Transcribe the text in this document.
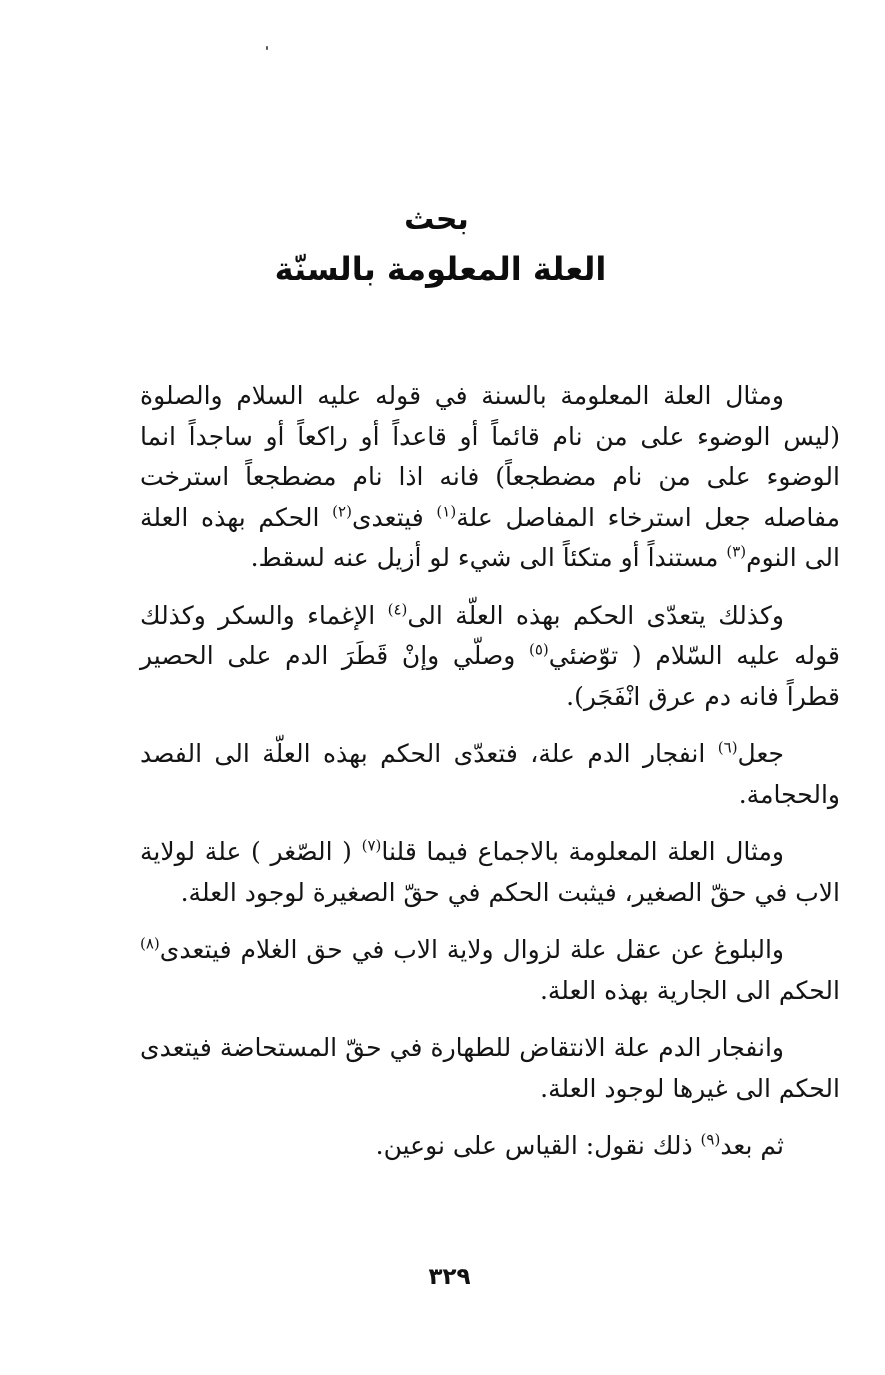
بحث
العلة المعلومة بالسنّة

ومثال العلة المعلومة بالسنة في قوله عليه السلام والصلوة (ليس الوضوء على من نام قائماً أو قاعداً أو راكعاً أو ساجداً انما الوضوء على من نام مضطجعاً) فانه اذا نام مضطجعاً استرخت مفاصله جعل استرخاء المفاصل علة$^{(١)}$ فيتعدى$^{(٢)}$ الحكم بهذه العلة الى النوم$^{(٣)}$ مستنداً أو متكئاً الى شيء لو أزيل عنه لسقط.

وكذلك يتعدّى الحكم بهذه العلّة الى$^{(٤)}$ الإغماء والسكر وكذلك قوله عليه السّلام ( توّضئي$^{(٥)}$ وصلّي وإنْ قَطَرَ الدم على الحصير قطراً فانه دم عرق انْفَجَر).

جعل$^{(٦)}$ انفجار الدم علة، فتعدّى الحكم بهذه العلّة الى الفصد والحجامة.

ومثال العلة المعلومة بالاجماع فيما قلنا$^{(٧)}$ ( الصّغر ) علة لولاية الاب في حقّ الصغير، فيثبت الحكم في حقّ الصغيرة لوجود العلة.

والبلوغ عن عقل علة لزوال ولاية الاب في حق الغلام فيتعدى$^{(٨)}$ الحكم الى الجارية بهذه العلة.

وانفجار الدم علة الانتقاض للطهارة في حقّ المستحاضة فيتعدى الحكم الى غيرها لوجود العلة.

ثم بعد$^{(٩)}$ ذلك نقول: القياس على نوعين.

٣٢٩
